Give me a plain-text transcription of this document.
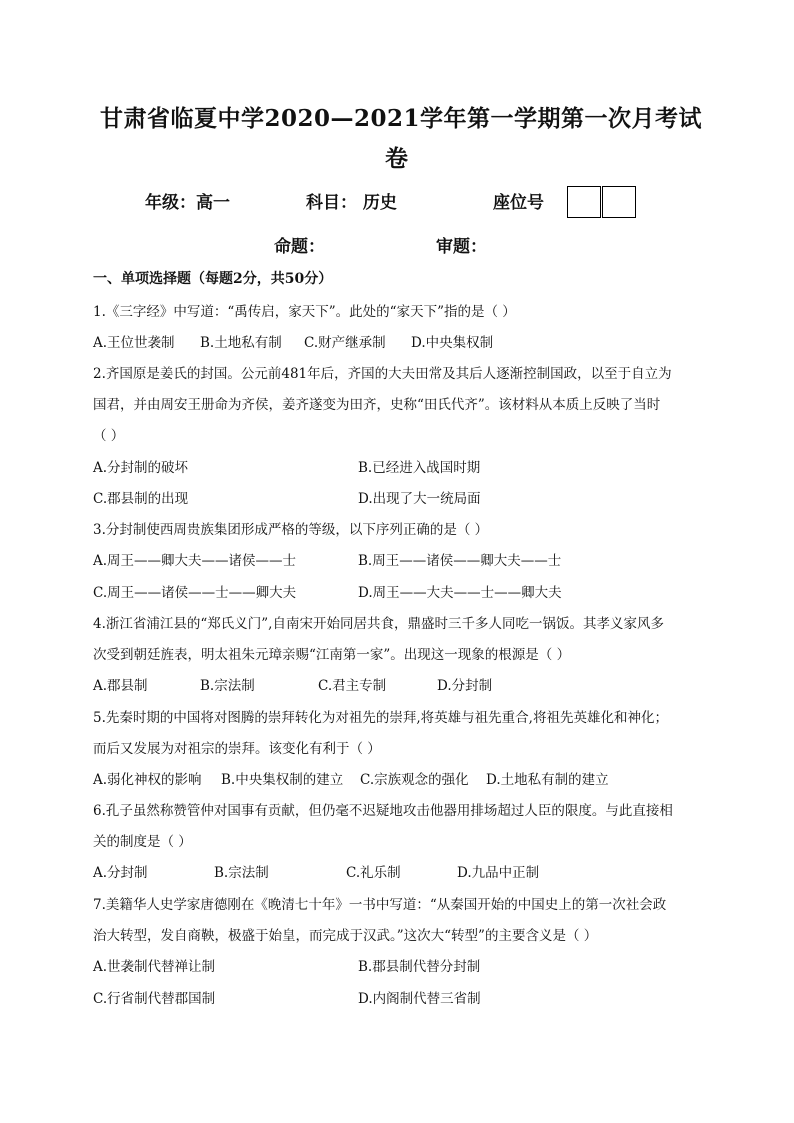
甘肃省临夏中学2020—2021学年第一学期第一次月考试
卷
年级：高一	科目： 历史	座位号
命题：	审题：
一、单项选择题（每题2分，共50分）
1.《三字经》中写道：“禹传启，家天下”。此处的“家天下”指的是（ ）
A.王位世袭制 B.土地私有制 C.财产继承制 D.中央集权制
2.齐国原是姜氏的封国。公元前481年后，齐国的大夫田常及其后人逐渐控制国政，以至于自立为
国君，并由周安王册命为齐侯，姜齐遂变为田齐，史称“田氏代齐”。该材料从本质上反映了当时
（ ）
A.分封制的破坏	B.已经进入战国时期
C.郡县制的出现	D.出现了大一统局面
3.分封制使西周贵族集团形成严格的等级，以下序列正确的是（ ）
A.周王——卿大夫——诸侯——士	B.周王——诸侯——卿大夫——士
C.周王——诸侯——士——卿大夫	D.周王——大夫——士——卿大夫
4.浙江省浦江县的“郑氏义门”,自南宋开始同居共食，鼎盛时三千多人同吃一锅饭。其孝义家风多
次受到朝廷旌表，明太祖朱元璋亲赐“江南第一家”。出现这一现象的根源是（ ）
A.郡县制	B.宗法制	C.君主专制	D.分封制
5.先秦时期的中国将对图腾的崇拜转化为对祖先的崇拜,将英雄与祖先重合,将祖先英雄化和神化；
而后又发展为对祖宗的崇拜。该变化有利于（ ）
A.弱化神权的影响 B.中央集权制的建立 C.宗族观念的强化 D.土地私有制的建立
6.孔子虽然称赞管仲对国事有贡献，但仍毫不迟疑地攻击他器用排场超过人臣的限度。与此直接相
关的制度是（ ）
A.分封制	B.宗法制	C.礼乐制	D.九品中正制
7.美籍华人史学家唐德刚在《晚清七十年》一书中写道：“从秦国开始的中国史上的第一次社会政
治大转型，发自商鞅，极盛于始皇，而完成于汉武。”这次大“转型”的主要含义是（ ）
A.世袭制代替禅让制	B.郡县制代替分封制
C.行省制代替郡国制	D.内阁制代替三省制
